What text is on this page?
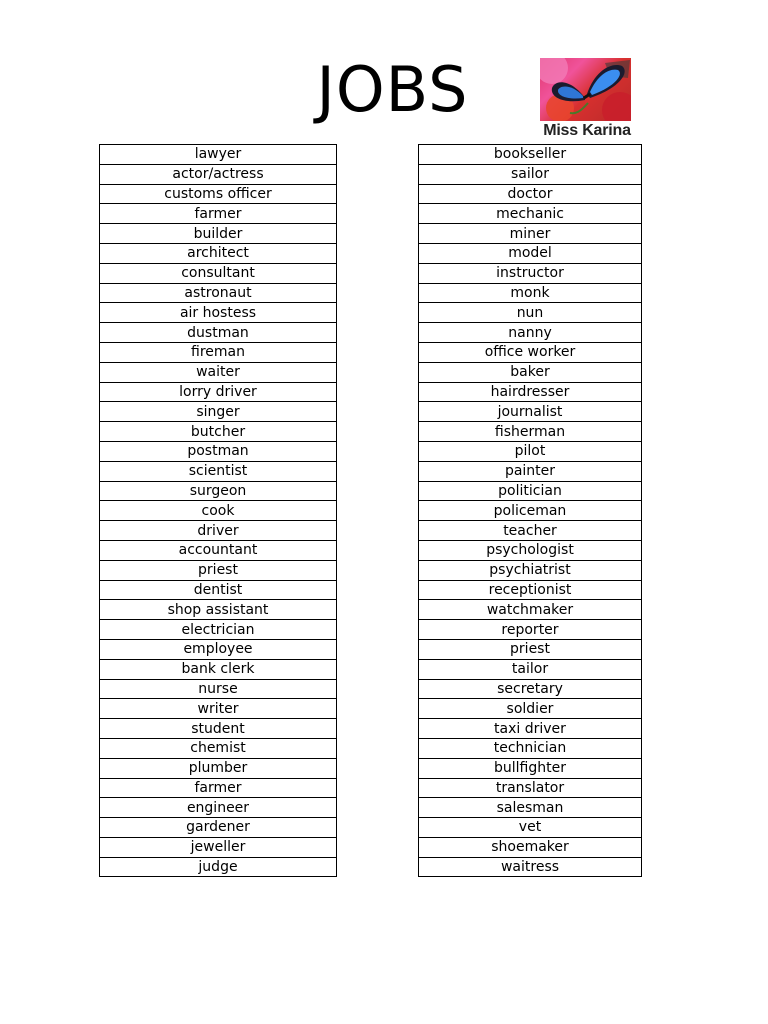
JOBS
Miss Karina
lawyer
actor/actress
customs officer
farmer
builder
architect
consultant
astronaut
air hostess
dustman
fireman
waiter
lorry driver
singer
butcher
postman
scientist
surgeon
cook
driver
accountant
priest
dentist
shop assistant
electrician
employee
bank clerk
nurse
writer
student
chemist
plumber
farmer
engineer
gardener
jeweller
judge
bookseller
sailor
doctor
mechanic
miner
model
instructor
monk
nun
nanny
office worker
baker
hairdresser
journalist
fisherman
pilot
painter
politician
policeman
teacher
psychologist
psychiatrist
receptionist
watchmaker
reporter
priest
tailor
secretary
soldier
taxi driver
technician
bullfighter
translator
salesman
vet
shoemaker
waitress
